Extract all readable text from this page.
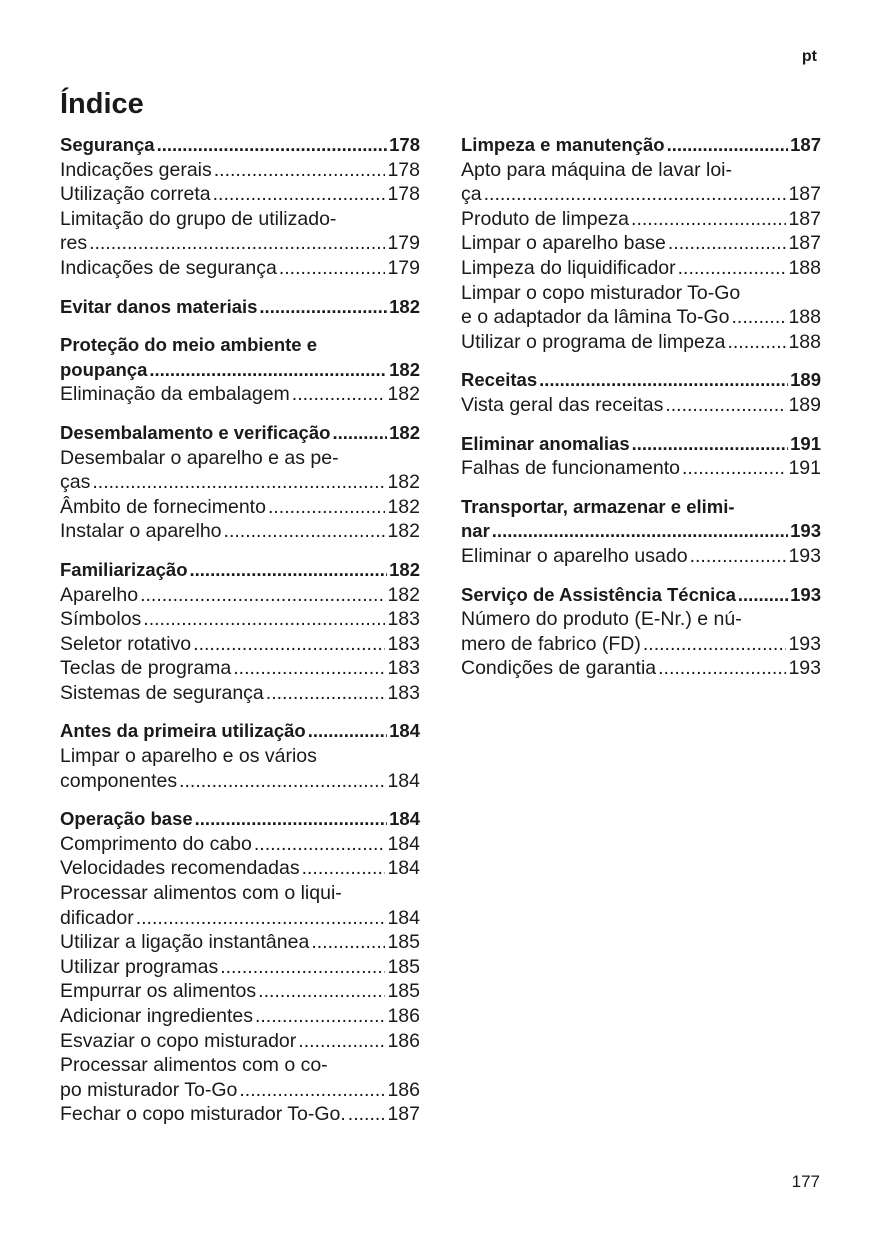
pt
Índice
Segurança .....	178
Indicações gerais .....	178
Utilização correta .....	178
Limitação do grupo de utilizado-
res .....	179
Indicações de segurança .....	179
Evitar danos materiais .....	182
Proteção do meio ambiente e
poupança .....	182
Eliminação da embalagem .....	182
Desembalamento e verificação .....	182
Desembalar o aparelho e as pe-
ças .....	182
Âmbito de fornecimento .....	182
Instalar o aparelho .....	182
Familiarização .....	182
Aparelho .....	182
Símbolos .....	183
Seletor rotativo .....	183
Teclas de programa .....	183
Sistemas de segurança .....	183
Antes da primeira utilização .....	184
Limpar o aparelho e os vários
componentes .....	184
Operação base .....	184
Comprimento do cabo .....	184
Velocidades recomendadas .....	184
Processar alimentos com o liqui-
dificador .....	184
Utilizar a ligação instantânea .....	185
Utilizar programas .....	185
Empurrar os alimentos .....	185
Adicionar ingredientes .....	186
Esvaziar o copo misturador .....	186
Processar alimentos com o co-
po misturador To-Go .....	186
Fechar o copo misturador To-Go. ..... 187
Limpeza e manutenção .....	187
Apto para máquina de lavar loi-
ça .....	187
Produto de limpeza .....	187
Limpar o aparelho base .....	187
Limpeza do liquidificador .....	188
Limpar o copo misturador To-Go
e o adaptador da lâmina To-Go .....	188
Utilizar o programa de limpeza .....	188
Receitas .....	189
Vista geral das receitas .....	189
Eliminar anomalias .....	191
Falhas de funcionamento .....	191
Transportar, armazenar e elimi-
nar .....	193
Eliminar o aparelho usado .....	193
Serviço de Assistência Técnica .....	193
Número do produto (E-Nr.) e nú-
mero de fabrico (FD) .....	193
Condições de garantia .....	193
177
